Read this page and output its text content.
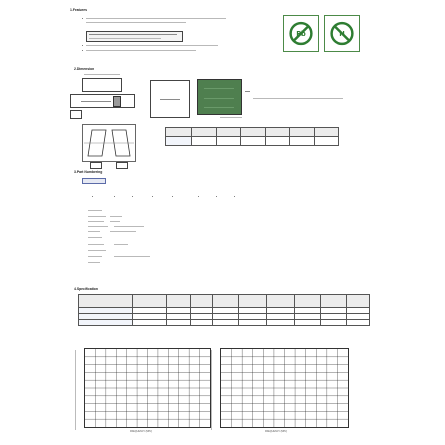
1.Features
Pb	H
2.Dimension

3.Part Numbering
4.Specification

FREQUENCY (MHz)	FREQUENCY (MHz)
